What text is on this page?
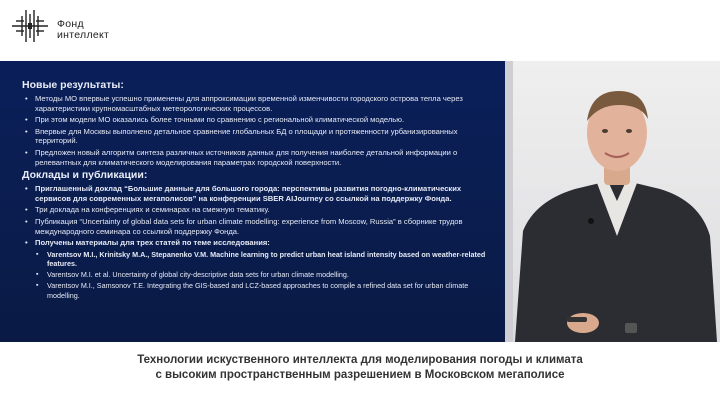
Фонд
интеллект
Новые результаты:
• Методы МО впервые успешно применены для аппроксимации временной изменчивости городского острова тепла через характеристики крупномасштабных метеорологических процессов.
• При этом модели МО оказались более точными по сравнению с региональной климатической моделью.
• Впервые для Москвы выполнено детальное сравнение глобальных БД о площади и протяженности урбанизированных территорий.
• Предложен новый алгоритм синтеза различных источников данных для получения наиболее детальной информации о релевантных для климатического моделирования параметрах городской поверхности.
Доклады и публикации:
• Приглашенный доклад “Большие данные для большого города: перспективы развития погодно-климатических сервисов для современных мегаполисов” на конференции SBER AIJourney со ссылкой на поддержку Фонда.
• Три доклада на конференциях и семинарах на смежную тематику.
• Публикация “Uncertainty of global data sets for urban climate modelling: experience from Moscow, Russia” в сборнике трудов международного семинара со ссылкой поддержку Фонда.
• Получены материалы для трех статей по теме исследования:
▪ Varentsov M.I., Krinitsky M.A., Stepanenko V.M. Machine learning to predict urban heat island intensity based on weather-related features.
▪ Varentsov M.I. et al. Uncertainty of global city-descriptive data sets for urban climate modelling.
▪ Varentsov M.I., Samsonov T.E. Integrating the GIS-based and LCZ-based approaches to compile a refined data set for urban climate modelling.
Технологии искуственного интеллекта для моделирования погоды и климата
с высоким пространственным разрешением в Московском мегаполисе
